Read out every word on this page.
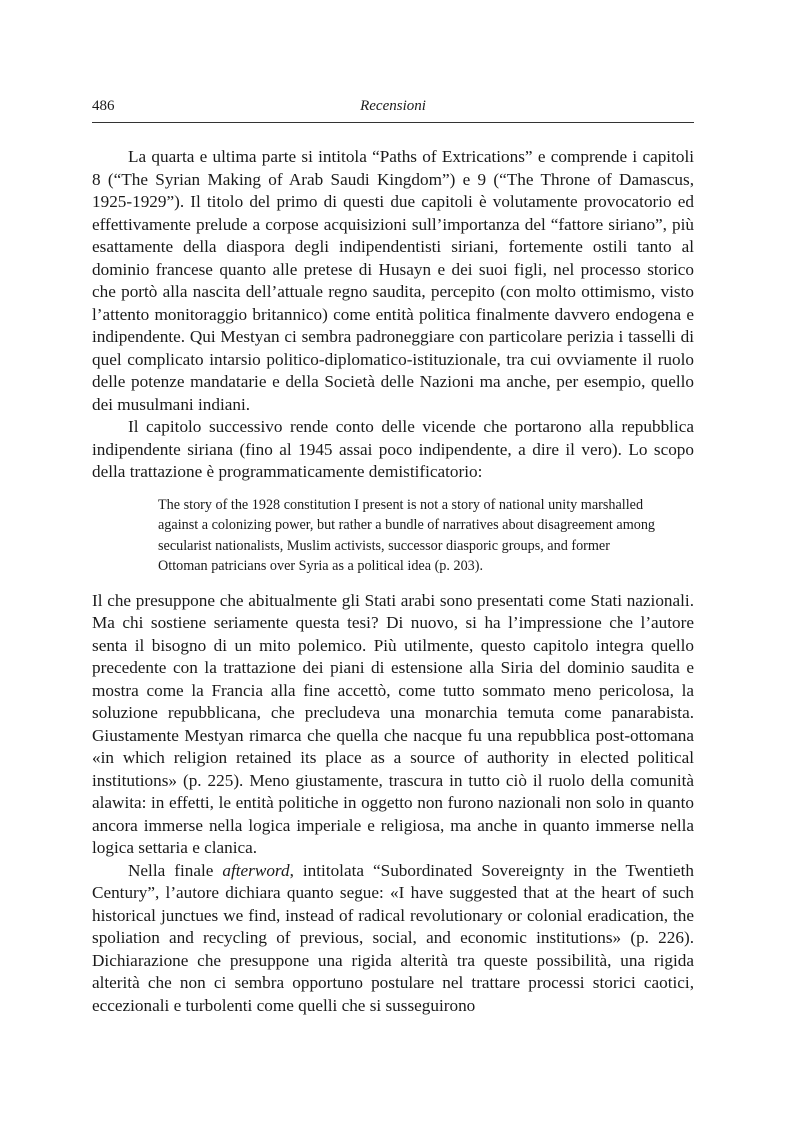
486	Recensioni

La quarta e ultima parte si intitola “Paths of Extrications” e comprende i capitoli 8 (“The Syrian Making of Arab Saudi Kingdom”) e 9 (“The Throne of Damascus, 1925-1929”). Il titolo del primo di questi due capitoli è volutamente provocatorio ed effettivamente prelude a corpose acquisizioni sull’importanza del “fattore siriano”, più esattamente della diaspora degli indipendentisti siriani, fortemente ostili tanto al dominio francese quanto alle pretese di Husayn e dei suoi figli, nel processo storico che portò alla nascita dell’attuale regno saudita, percepito (con molto ottimismo, visto l’attento monitoraggio britannico) come entità politica finalmente davvero endogena e indipendente. Qui Mestyan ci sembra padroneggiare con particolare perizia i tasselli di quel complicato intarsio politico-diplomatico-istituzionale, tra cui ovviamente il ruolo delle potenze mandatarie e della Società delle Nazioni ma anche, per esempio, quello dei musulmani indiani.

Il capitolo successivo rende conto delle vicende che portarono alla repubblica indipendente siriana (fino al 1945 assai poco indipendente, a dire il vero). Lo scopo della trattazione è programmaticamente demistificatorio:

The story of the 1928 constitution I present is not a story of national unity marshalled against a colonizing power, but rather a bundle of narratives about disagreement among secularist nationalists, Muslim activists, successor diasporic groups, and former Ottoman patricians over Syria as a political idea (p. 203).

Il che presuppone che abitualmente gli Stati arabi sono presentati come Stati nazionali. Ma chi sostiene seriamente questa tesi? Di nuovo, si ha l’impressione che l’autore senta il bisogno di un mito polemico. Più utilmente, questo capitolo integra quello precedente con la trattazione dei piani di estensione alla Siria del dominio saudita e mostra come la Francia alla fine accettò, come tutto sommato meno pericolosa, la soluzione repubblicana, che precludeva una monarchia temuta come panarabista. Giustamente Mestyan rimarca che quella che nacque fu una repubblica post-ottomana «in which religion retained its place as a source of authority in elected political institutions» (p. 225). Meno giustamente, trascura in tutto ciò il ruolo della comunità alawita: in effetti, le entità politiche in oggetto non furono nazionali non solo in quanto ancora immerse nella logica imperiale e religiosa, ma anche in quanto immerse nella logica settaria e clanica.

Nella finale afterword, intitolata “Subordinated Sovereignty in the Twentieth Century”, l’autore dichiara quanto segue: «I have suggested that at the heart of such historical junctues we find, instead of radical revolutionary or colonial eradication, the spoliation and recycling of previous, social, and economic institutions» (p. 226). Dichiarazione che presuppone una rigida alterità tra queste possibilità, una rigida alterità che non ci sembra opportuno postulare nel trattare processi storici caotici, eccezionali e turbolenti come quelli che si susseguirono
